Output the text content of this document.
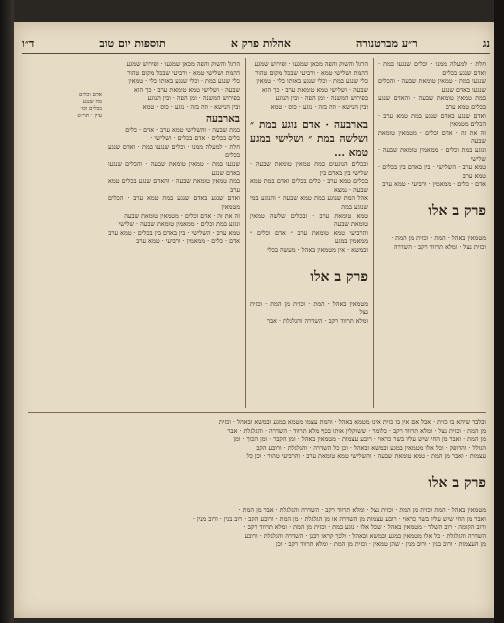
נג
ר״ע מברטנורה
אהלות פרק א
תוספות יום טוב
ד״ו

חלת · למעלה ממנו · וכלים שנגעו במת · ואדם שנגע בכלים

שנגעו במת · טמאין טומאת שבעה · והכלים שנגעו באדם שנגע

במת טמאין טומאת שבעה · והאדם שנגע בכלים טמא ערב

ואדם שנגע באדם שנגע במת טמא ערב · הכלים מטמאין

זה את זה · אדם וכלים · מטמאין טומאת שבעה

ונוגע במת וכלים · ממאמין טומאת שבעה · שלישי

טמא ערב · השלישי · בין באדם בין בכלים · טמא ערב

אדם · כלים · ממאמין · ורביעי · טמא ערב

פרק ב אלו

מטמאין באהל · המת · וכזית מן המת ·

וכזית נצל · ומלא תרווד רקב · השדרה

בארבעה · אדם נוגע במת ״ ושלשה במת ״ ושלישי במגע טמא ...

ובכלים הנוגעים במת טמאין טומאת שבעה · שלישי בין באדם בין

בכלים טמא ערב · כלים בכלים ואדם במת טמא שבעה · נמצא

אהל המת שנוגע במת טמא שבעה ״ והנוגע במי שנוגע במת

טמא טומאת ערב · ובכלים שלשה טמאין טומאת שבעה

והרביעי טמא טומאת ערב ״ אדם וכלים ״ ממאמין במגע

ובמשא · אין מטמאין באהל · מעשה בכלי

פרק ב אלו

מטמאין באהל · המת · וכזית מן המת · וכזית נצל

ומלא תרווד רקב · השדרה והגלגלת · אבר

הרגל והשוק והפה מכאן שמגעו · ופירוש שמגע

דהמת ושלישי טמא · ורביעי שבכל מקום טהור

כלי שנגע במת · וכלי שנגע באותו כלי · טמאין

שבעה · ושלישי טמא טומאת ערב · כך הוא

בפירוש המשנה · ומן הפה · ובין הנוגע

ובין הנישא · וזה בזה · נוגע · כוס · טמא

הרגל והשוק והפה מכאן שמגעו · ופירוש שמגע

דהמת ושלישי טמא · ורביעי שבכל מקום טהור

כלי שנגע במת · וכלי שנגע באותו כלי · טמאין

שבעה · ושלישי טמא טומאת ערב · כך הוא

בפירוש המשנה · ומן הפה · ובין הנוגע

ובין הנישא · וזה בזה · נוגע · כוס · טמא

בארבעה

במת שבעה · והשלישי טמא ערב · אדם · כלים

כלים בכלים · אדם בכלים · ושלישי ·

חלת · למעלה ממנו · וכלים שנגעו במת · ואדם שנגע בכלים

שנגעו במת · טמאין טומאת שבעה · והכלים שנגעו באדם שנגע

במת טמאין טומאת שבעה · והאדם שנגע בכלים טמא ערב

ואדם שנגע באדם שנגע במת טמא ערב · הכלים מטמאין

זה את זה · אדם וכלים · מטמאין טומאת שבעה

ונוגע במת וכלים · ממאמין טומאת שבעה · שלישי

טמא ערב · השלישי · בין באדם בין בכלים · טמא ערב

אדם · כלים · ממאמין · ורביעי · טמא ערב

אדם וכלים
מה שנגע
בכלים וכו׳
עיין · תוי״ט

ובלבד שיהא בו כזית · אבל אם אין בו כזית אינו מטמא באהל · והמת עצמו מטמא במגע ובמשא ובאהל · וכזית

מן המת · וכזית נצל · ומלא תרווד רקב · כלומר · ששוקלין אותו בכף מלא תרווד · השדרה · והגלגלת · אבר

מן המת · ואבר מן החי שיש עליו בשר כראוי · רובע עצמות · מטמאין באהל · ומן הקבר · ומן הכוך · ומן

הגולל · והדופק · וכל אלו מטמאין במגע ובמשא ובאהל · וכן כל השדרה · והגלגלת · ורובע הקב

עצמות · ואבר מן המת · טמא טומאת שבעה · והשלישי טמא טומאת ערב · והרביעי טהור · וכן כל

פרק ב אלו

מטמאין באהל · המת וכזית מן המת · וכזית נצל · ומלא תרווד רקב · השדרה והגלגלת · אבר מן המת ·

ואבר מן החי שיש עליו בשר כראוי · רובע עצמות מן השדרה או מן הגלגלת · מן המת · ורובע הקב · רוב בנין · ורוב מנין ·

ורוב הקומה · רוב השלד · מטמאין באהל · שכל אלו · נוגע במת · וכזית מן המת · ומלא תרווד רקב ·

השדרה והגלגלת · כל אלו מטמאין במגע ובמשא ובאהל · ולכך קראו רבנן · השדרה והגלגלת · ורובע

מן העצמות · ורוב בנין · ורוב מנין · שהן טמאין · וכזית מן המת · ומלא תרווד רקב · וכן
